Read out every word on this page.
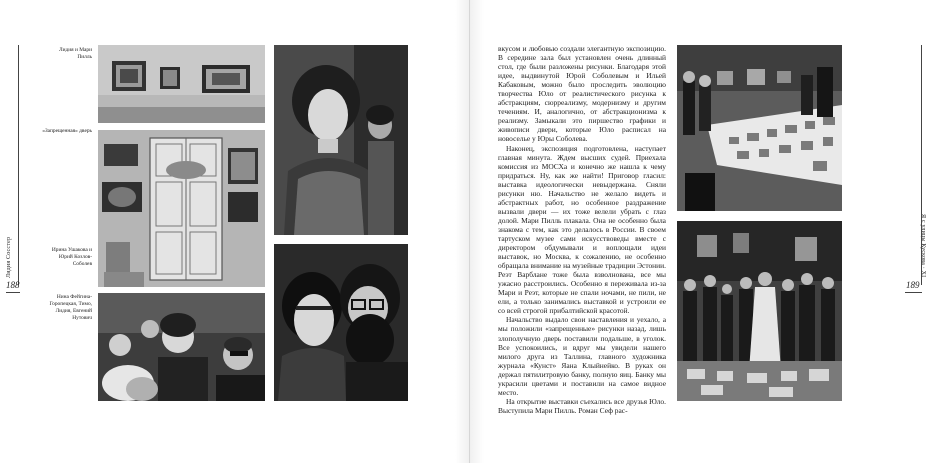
Лидия Сосстер
188
Лидия и Мари Пилль
«Запрещенная» дверь
Ирина Ушакова и Юрий Козлов-Соболев
Нина Фейгина-Горопецкая, Тимо, Лидия, Евгений Нутович

вкусом и любовью создали элегантную экспозицию. В середине зала был установлен очень длинный стол, где были разложены рисунки. Благодаря этой идее, выдвинутой Юрой Соболевым и Ильей Кабаковым, можно было проследить эволюцию творчества Юло от реалистического рисунка к абстракциям, сюрреализму, модернизму и другим течениям. И, аналогично, от абстракционизма к реализму. Замыкали это пиршество графики и живописи двери, которые Юло расписал на новоселье у Юры Соболева.

Наконец, экспозиция подготовлена, наступает главная минута. Ждем высших судей. Приехала комиссия из МОСХа и конечно же нашла к чему придраться. Ну, как же найти! Приговор гласил: выставка идеологически невыдержана. Сняли рисунки ню. Начальство не желало видеть и абстрактных работ, но особенное раздражение вызвали двери — их тоже велели убрать с глаз долой. Мари Пилль плакала. Она не особенно была знакома с тем, как это делалось в России. В своем тартуском музее сами искусствоведы вместе с директором обдумывали и воплощали идеи выставок, но Москва, к сожалению, не особенно обращала внимание на музейные традиции Эстонии. Реэт Варблане тоже была взволнована, все мы ужасно расстроились. Особенно я переживала из-за Мари и Реэт, которые не спали ночами, не пили, не ели, а только занимались выставкой и устроили ее со всей строгой прибалтийской красотой.

Начальство выдало свои наставления и уехало, а мы положили «запрещенные» рисунки назад, лишь злополучную дверь поставили подальше, в уголок. Все успокоились, и вдруг мы увидели нашего милого друга из Таллина, главного художника журнала «Кунст» Яана Клыйнейко. В руках он держал пятилитровую банку, полную яиц. Банку мы украсили цветами и поставили на самое видное место.

На открытие выставки съехались все друзья Юло. Выступила Мари Пилль. Роман Сеф рас-

Я с улицы Кускова · XI
189
